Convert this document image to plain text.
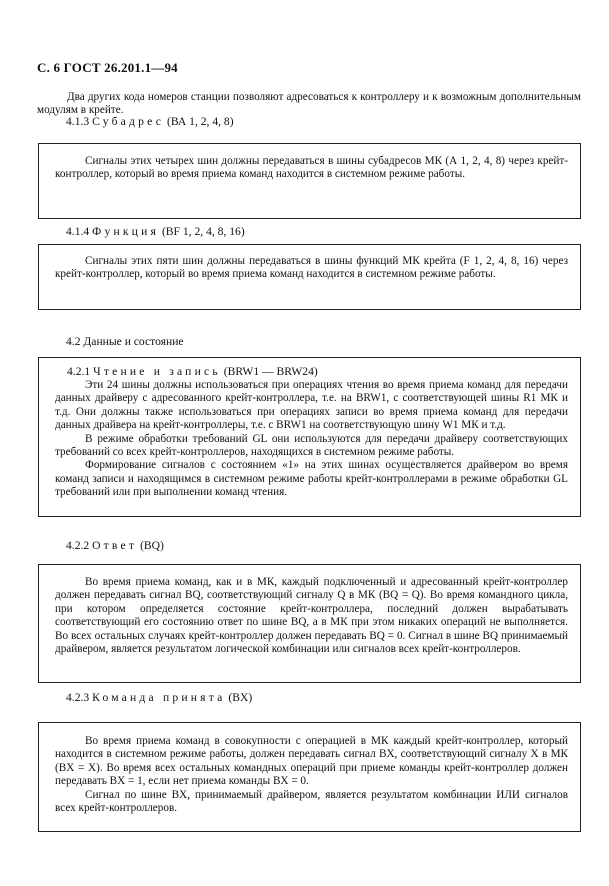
С. 6 ГОСТ 26.201.1—94
Два других кода номеров станции позволяют адресоваться к контроллеру и к возможным дополнительным модулям в крейте.
4.1.3 Субадрес (ВА 1, 2, 4, 8)
Сигналы этих четырех шин должны передаваться в шины субадресов МК (А 1, 2, 4, 8) через крейт-контроллер, который во время приема команд находится в системном режиме работы.
4.1.4 Функция (BF 1, 2, 4, 8, 16)
Сигналы этих пяти шин должны передаваться в шины функций МК крейта (F 1, 2, 4, 8, 16) через крейт-контроллер, который во время приема команд находится в системном режиме работы.
4.2 Данные и состояние
4.2.1 Чтение и запись (BRW1 — BRW24)

Эти 24 шины должны использоваться при операциях чтения во время приема команд для передачи данных драйверу с адресованного крейт-контроллера, т.е. на BRW1, с соответствующей шины R1 МК и т.д. Они должны также использоваться при операциях записи во время приема команд для передачи данных драйвера на крейт-контроллеры, т.е. с BRW1 на соответствующую шину W1 МК и т.д.

В режиме обработки требований GL они используются для передачи драйверу соответствующих требований со всех крейт-контроллеров, находящихся в системном режиме работы.

Формирование сигналов с состоянием «1» на этих шинах осуществляется драйвером во время команд записи и находящимся в системном режиме работы крейт-контроллерами в режиме обработки GL требований или при выполнении команд чтения.

4.2.2 Ответ (BQ)
Во время приема команд, как и в МК, каждый подключенный и адресованный крейт-контроллер должен передавать сигнал BQ, соответствующий сигналу Q в МК (BQ = Q). Во время командного цикла, при котором определяется состояние крейт-контроллера, последний должен вырабатывать соответствующий его состоянию ответ по шине BQ, а в МК при этом никаких операций не выполняется. Во всех остальных случаях крейт-контроллер должен передавать BQ = 0. Сигнал в шине BQ принимаемый драйвером, является результатом логической комбинации или сигналов всех крейт-контроллеров.
4.2.3 Команда принята (BX)

Во время приема команд в совокупности с операцией в МК каждый крейт-контроллер, который находится в системном режиме работы, должен передавать сигнал BX, соответствующий сигналу X в МК (BX = X). Во время всех остальных командных операций при приеме команды крейт-контроллер должен передавать BX = 1, если нет приема команды BX = 0.

Сигнал по шине BX, принимаемый драйвером, является результатом комбинации ИЛИ сигналов всех крейт-контроллеров.
